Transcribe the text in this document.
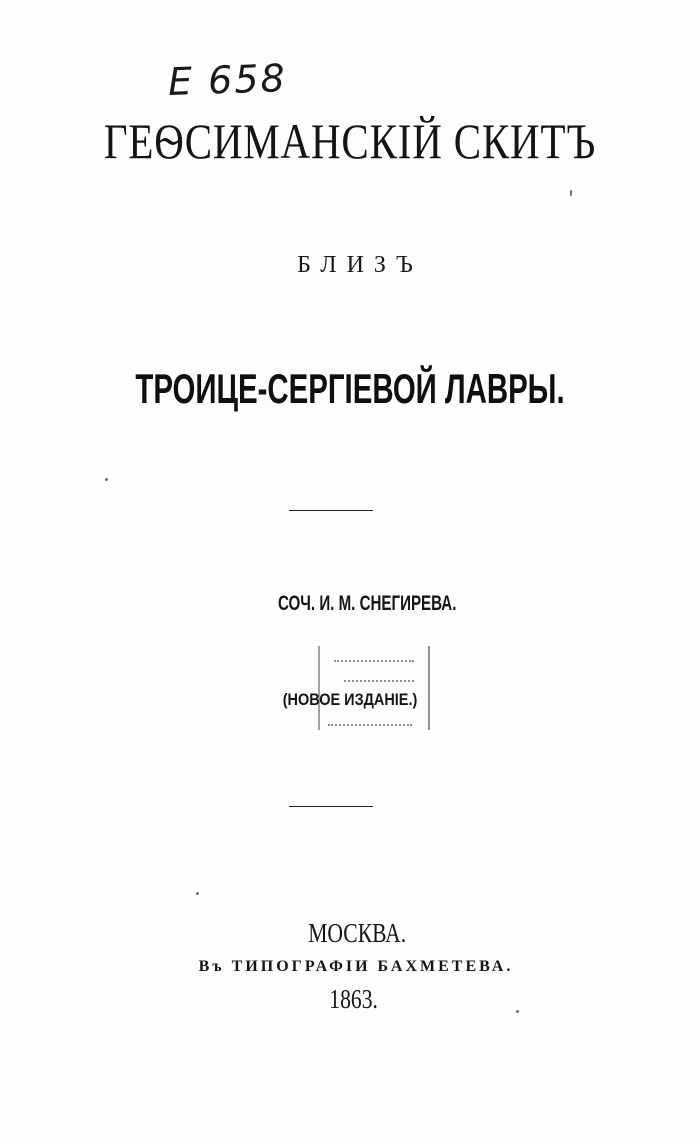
E 658
ГЕѲСИМАНСКІЙ СКИТЪ
БЛИЗЪ
ТРОИЦЕ-СЕРГІЕВОЙ ЛАВРЫ.
СОЧ. И. М. СНЕГИРЕВА.
(НОВОЕ ИЗДАНІЕ.)
МОСКВА.
Въ ТИПОГРАФІИ БАХМЕТЕВА.
1863.
